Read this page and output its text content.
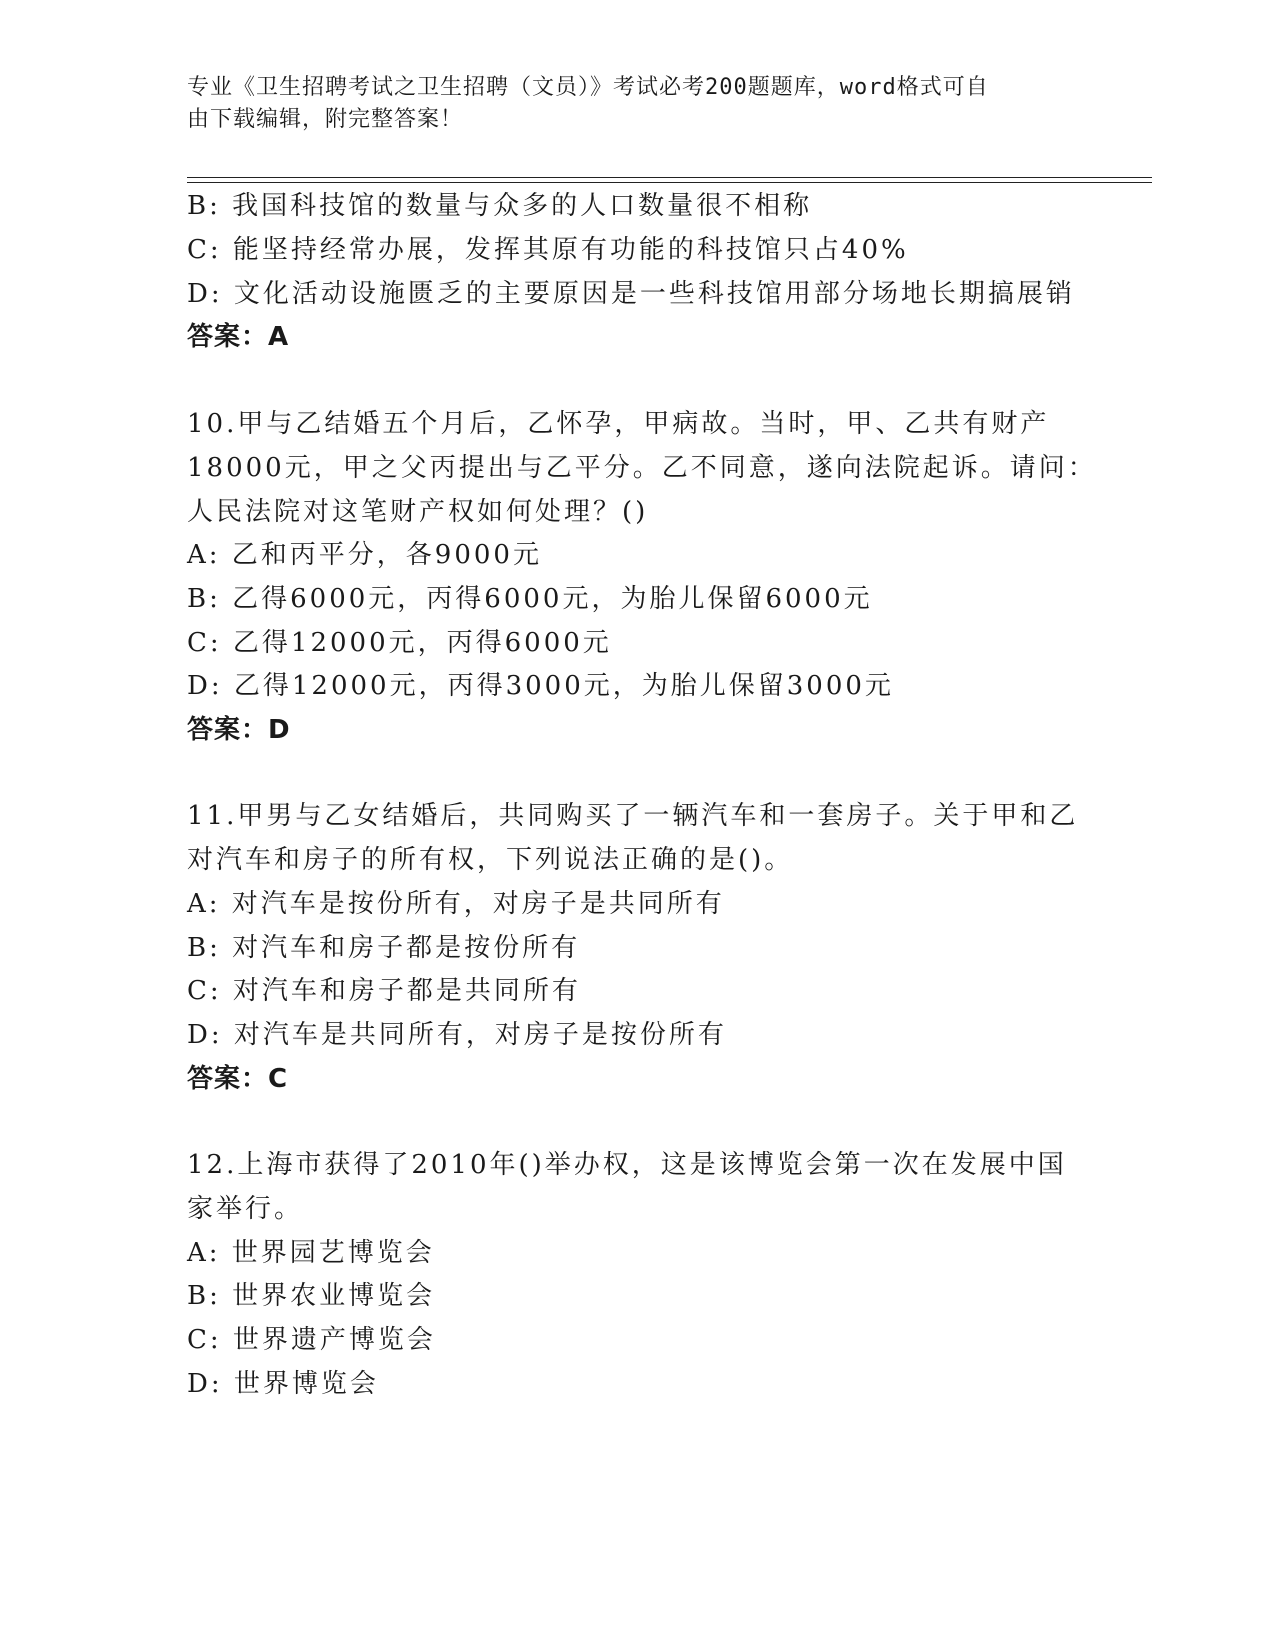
专业《卫生招聘考试之卫生招聘（文员）》考试必考200题题库，word格式可自
由下载编辑，附完整答案！
B: 我国科技馆的数量与众多的人口数量很不相称
C: 能坚持经常办展，发挥其原有功能的科技馆只占40%
D: 文化活动设施匮乏的主要原因是一些科技馆用部分场地长期搞展销
答案：A
10.甲与乙结婚五个月后，乙怀孕，甲病故。当时，甲、乙共有财产
18000元，甲之父丙提出与乙平分。乙不同意，遂向法院起诉。请问：
人民法院对这笔财产权如何处理？()
A: 乙和丙平分，各9000元
B: 乙得6000元，丙得6000元，为胎儿保留6000元
C: 乙得12000元，丙得6000元
D: 乙得12000元，丙得3000元，为胎儿保留3000元
答案：D
11.甲男与乙女结婚后，共同购买了一辆汽车和一套房子。关于甲和乙
对汽车和房子的所有权，下列说法正确的是()。
A: 对汽车是按份所有，对房子是共同所有
B: 对汽车和房子都是按份所有
C: 对汽车和房子都是共同所有
D: 对汽车是共同所有，对房子是按份所有
答案：C
12.上海市获得了2010年()举办权，这是该博览会第一次在发展中国
家举行。
A: 世界园艺博览会
B: 世界农业博览会
C: 世界遗产博览会
D: 世界博览会
